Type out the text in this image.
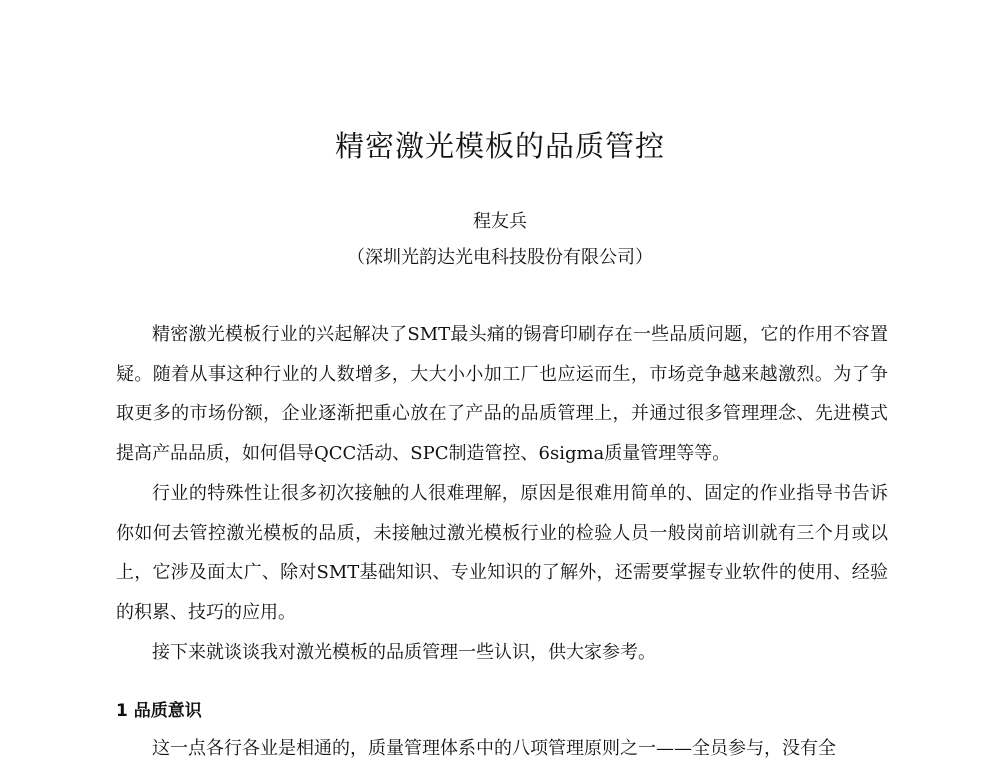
精密激光模板的品质管控

程友兵

（深圳光韵达光电科技股份有限公司）

精密激光模板行业的兴起解决了SMT最头痛的锡膏印刷存在一些品质问题，它的作用不容置疑。随着从事这种行业的人数增多，大大小小加工厂也应运而生，市场竞争越来越激烈。为了争取更多的市场份额，企业逐渐把重心放在了产品的品质管理上，并通过很多管理理念、先进模式提高产品品质，如何倡导QCC活动、SPC制造管控、6sigma质量管理等等。

行业的特殊性让很多初次接触的人很难理解，原因是很难用简单的、固定的作业指导书告诉你如何去管控激光模板的品质，未接触过激光模板行业的检验人员一般岗前培训就有三个月或以上，它涉及面太广、除对SMT基础知识、专业知识的了解外，还需要掌握专业软件的使用、经验的积累、技巧的应用。

接下来就谈谈我对激光模板的品质管理一些认识，供大家参考。

1 品质意识

这一点各行各业是相通的，质量管理体系中的八项管理原则之一——全员参与，没有全
